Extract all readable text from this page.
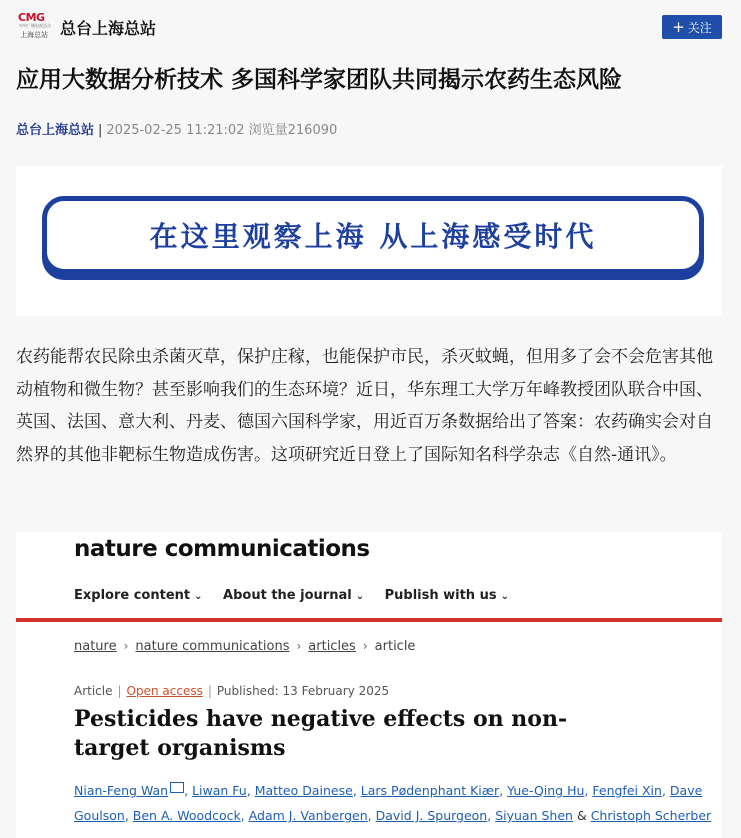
CMG
中央广播电视总台
上海总站 总台上海总站	+ 关注
应用大数据分析技术 多国科学家团队共同揭示农药生态风险
总台上海总站 | 2025-02-25 11:21:02 浏览量216090
在这里观察上海 从上海感受时代
农药能帮农民除虫杀菌灭草，保护庄稼，也能保护市民，杀灭蚊蝇，但用多了会不会危害其他动植物和微生物？甚至影响我们的生态环境？近日，华东理工大学万年峰教授团队联合中国、英国、法国、意大利、丹麦、德国六国科学家，用近百万条数据给出了答案：农药确实会对自然界的其他非靶标生物造成伤害。这项研究近日登上了国际知名科学杂志《自然-通讯》。
nature communications
Explore content ⌄ About the journal ⌄ Publish with us ⌄
nature › nature communications › articles › article
Article | Open access | Published: 13 February 2025
Pesticides have negative effects on non-target organisms
Nian-Feng Wan , Liwan Fu, Matteo Dainese, Lars Pødenphant Kiær, Yue-Qing Hu, Fengfei Xin, Dave Goulson, Ben A. Woodcock, Adam J. Vanbergen, David J. Spurgeon, Siyuan Shen & Christoph Scherber
